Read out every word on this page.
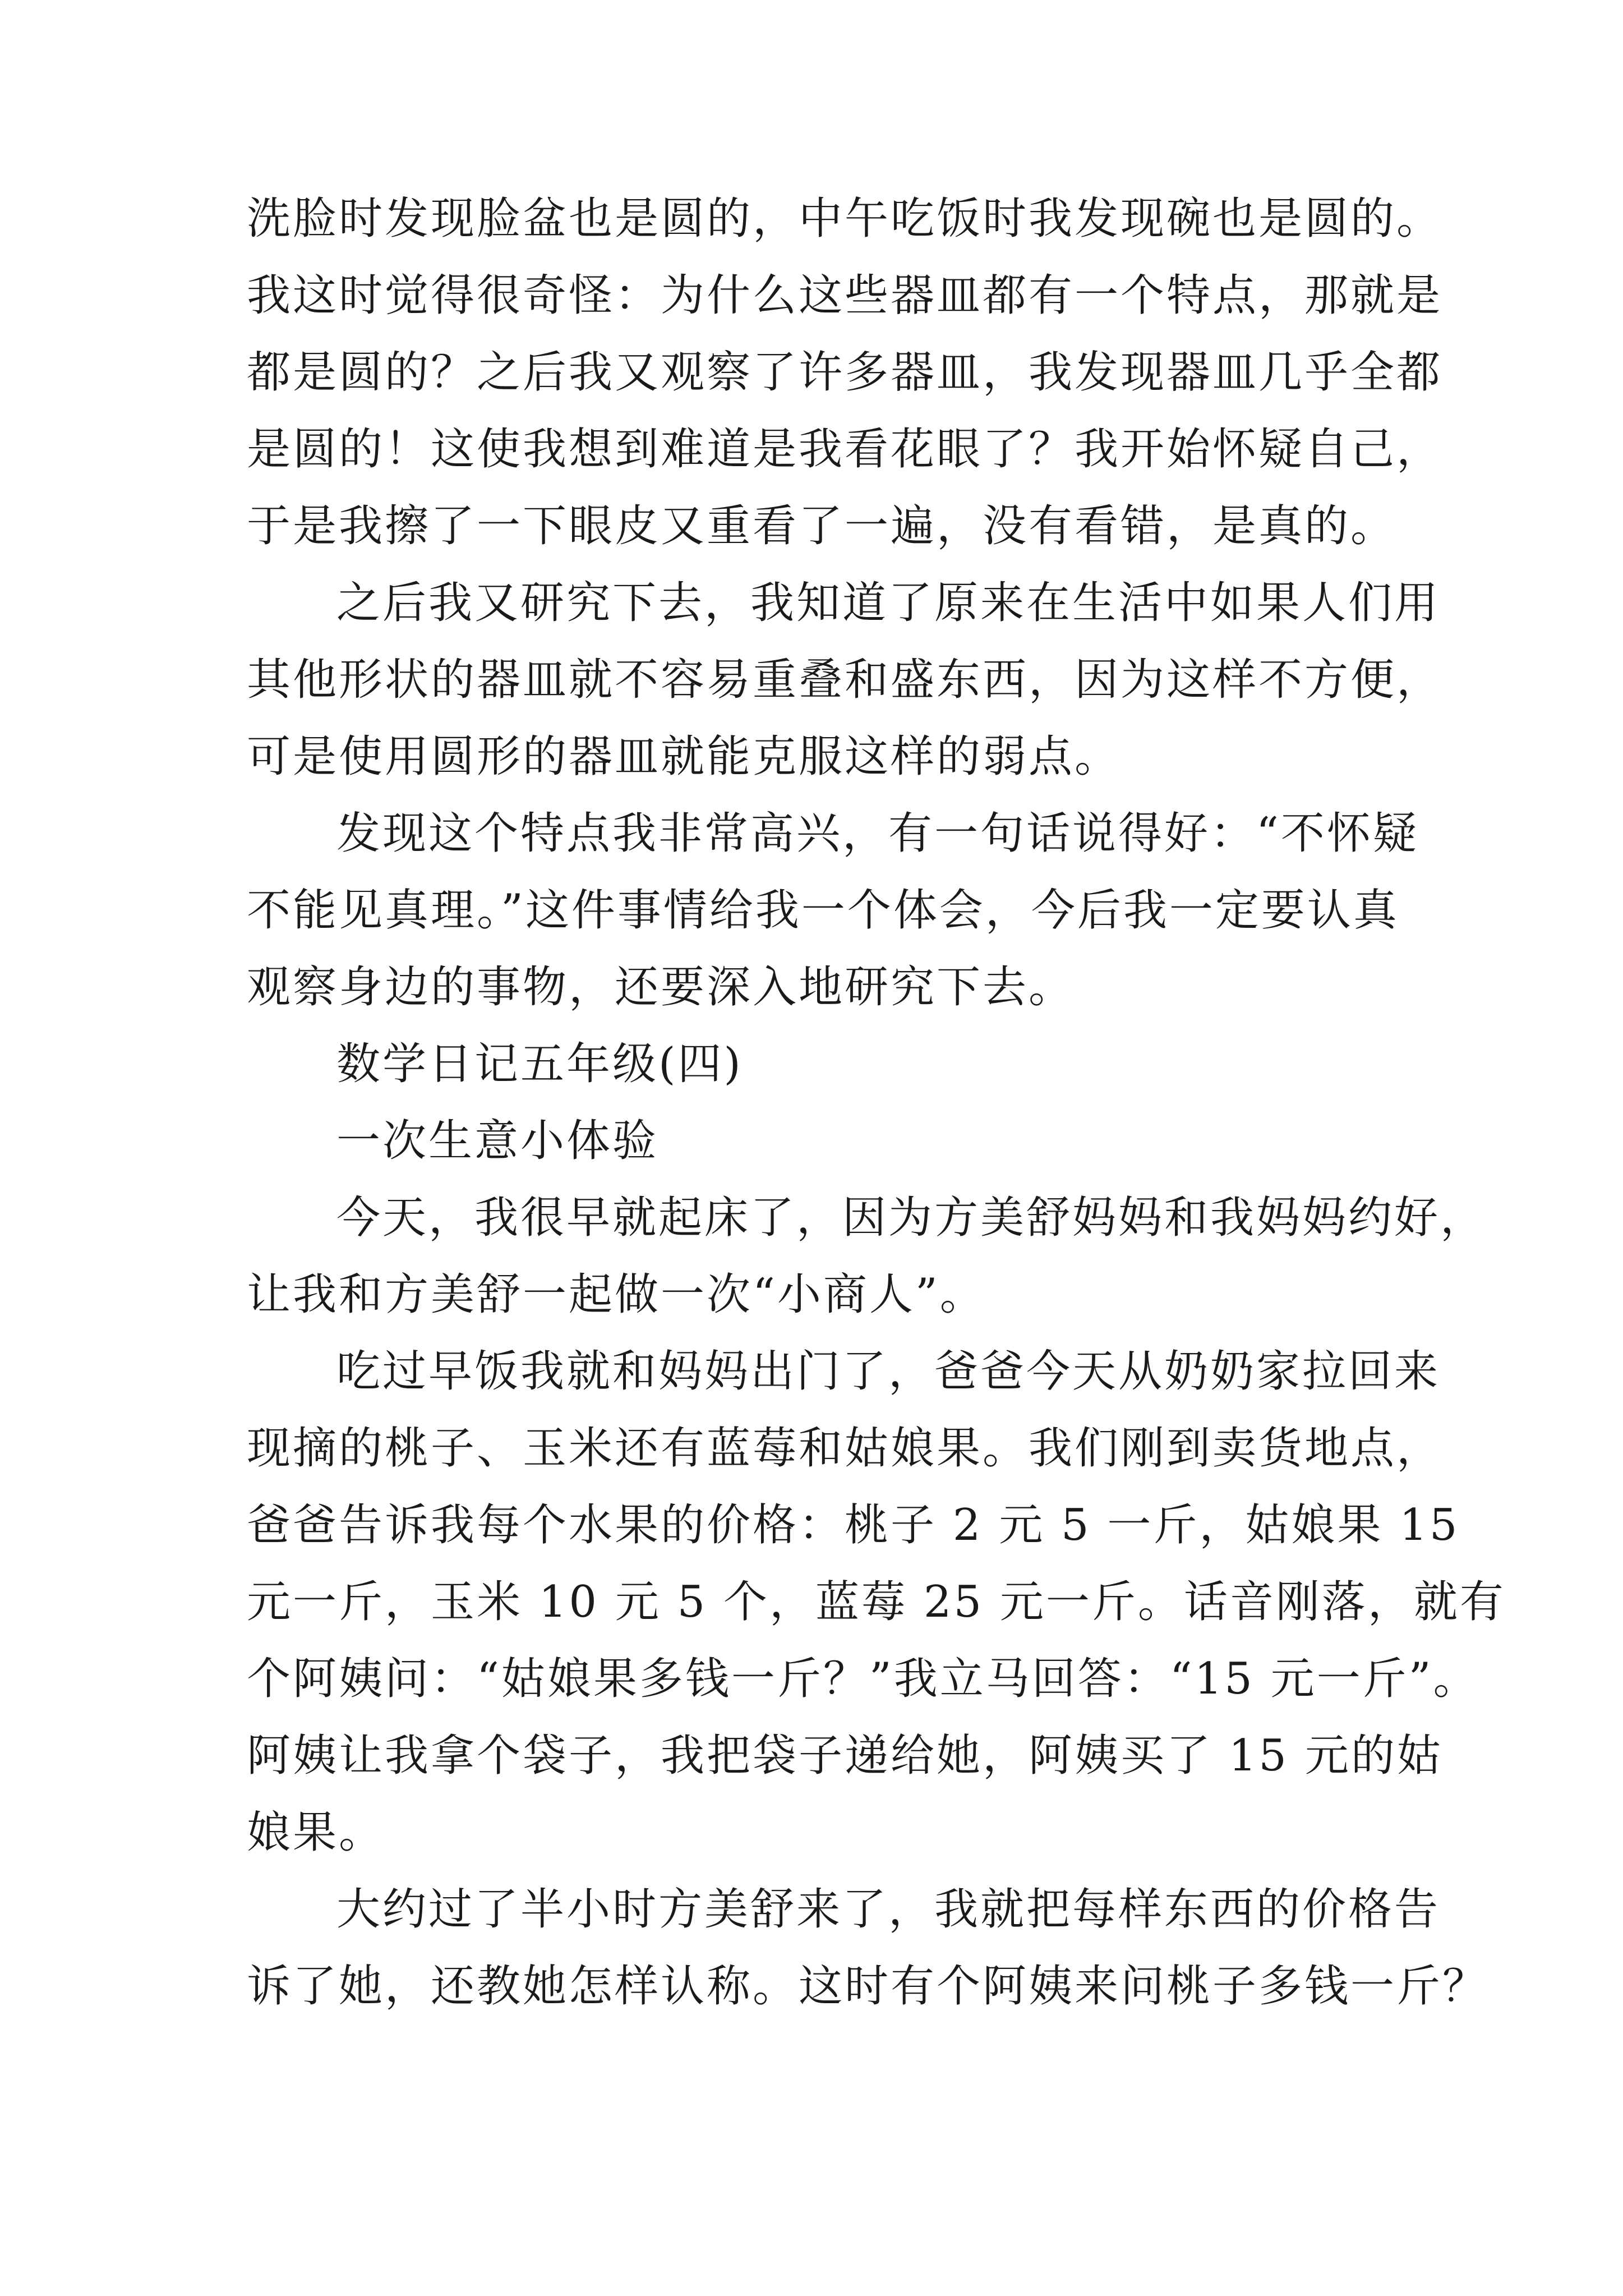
洗脸时发现脸盆也是圆的，中午吃饭时我发现碗也是圆的。
我这时觉得很奇怪：为什么这些器皿都有一个特点，那就是
都是圆的？之后我又观察了许多器皿，我发现器皿几乎全都
是圆的！这使我想到难道是我看花眼了？我开始怀疑自己，
于是我擦了一下眼皮又重看了一遍，没有看错，是真的。
之后我又研究下去，我知道了原来在生活中如果人们用
其他形状的器皿就不容易重叠和盛东西，因为这样不方便，
可是使用圆形的器皿就能克服这样的弱点。
发现这个特点我非常高兴，有一句话说得好：“不怀疑
不能见真理。”这件事情给我一个体会，今后我一定要认真
观察身边的事物，还要深入地研究下去。
数学日记五年级(四)
一次生意小体验
今天，我很早就起床了，因为方美舒妈妈和我妈妈约好，
让我和方美舒一起做一次“小商人”。
吃过早饭我就和妈妈出门了，爸爸今天从奶奶家拉回来
现摘的桃子、玉米还有蓝莓和姑娘果。我们刚到卖货地点，
爸爸告诉我每个水果的价格：桃子 2 元 5 一斤，姑娘果 15
元一斤，玉米 10 元 5 个，蓝莓 25 元一斤。话音刚落，就有
个阿姨问：“姑娘果多钱一斤？”我立马回答：“15 元一斤”。
阿姨让我拿个袋子，我把袋子递给她，阿姨买了 15 元的姑
娘果。
大约过了半小时方美舒来了，我就把每样东西的价格告
诉了她，还教她怎样认称。这时有个阿姨来问桃子多钱一斤？
